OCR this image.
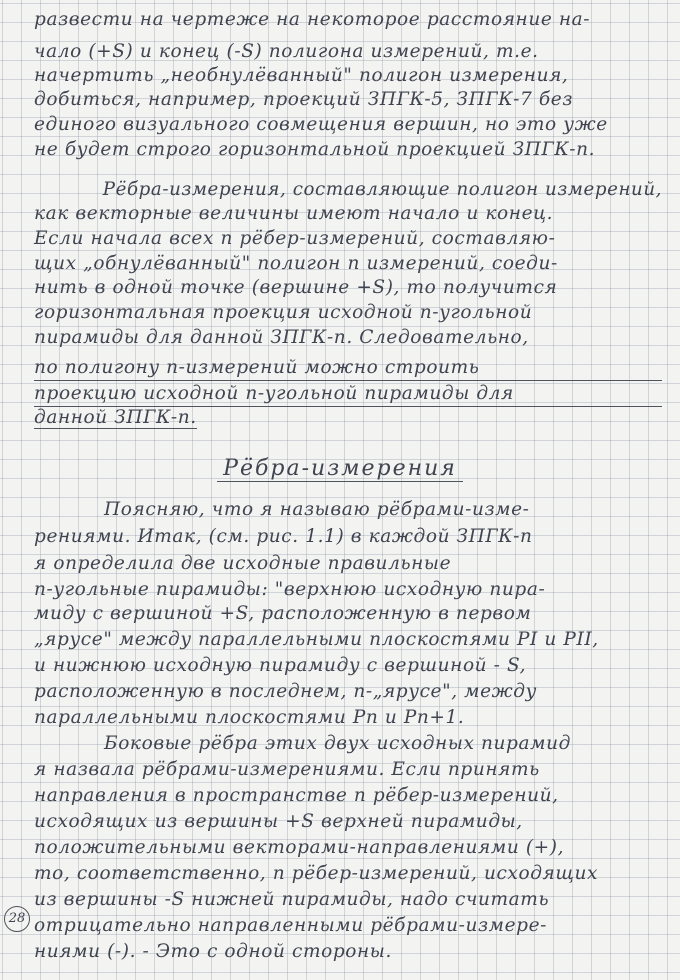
развести на чертеже на некоторое расстояние на-
чало (+S) и конец (-S) полигона измерений, т.е.
начертить „необнулёванный" полигон измерения,
добиться, например, проекций ЗПГК-5, ЗПГК-7 без
единого визуального совмещения вершин, но это уже
не будет строго горизонтальной проекцией ЗПГК-п.
Рёбра-измерения, составляющие полигон измерений,
как векторные величины имеют начало и конец.
Если начала всех п рёбер-измерений, составляю-
щих „обнулёванный" полигон п измерений, соеди-
нить в одной точке (вершине +S), то получится
горизонтальная проекция исходной п-угольной
пирамиды для данной ЗПГК-п. Следовательно,
по полигону п-измерений можно строить
проекцию исходной п-угольной пирамиды для
данной ЗПГК-п.
Рёбра-измерения
Поясняю, что я называю рёбрами-изме-
рениями. Итак, (см. рис. 1.1) в каждой ЗПГК-п
я определила две исходные правильные
п-угольные пирамиды: "верхнюю исходную пира-
миду с вершиной +S, расположенную в первом
„ярусе" между параллельными плоскостями PI и PII,
и нижнюю исходную пирамиду с вершиной - S,
расположенную в последнем, п-„ярусе", между
параллельными плоскостями Pп и Pп+1.
Боковые рёбра этих двух исходных пирамид
я назвала рёбрами-измерениями. Если принять
направления в пространстве п рёбер-измерений,
исходящих из вершины +S верхней пирамиды,
положительными векторами-направлениями (+),
то, соответственно, п рёбер-измерений, исходящих
из вершины -S нижней пирамиды, надо считать
отрицательно направленными рёбрами-измере-
ниями (-). - Это с одной стороны.
28
